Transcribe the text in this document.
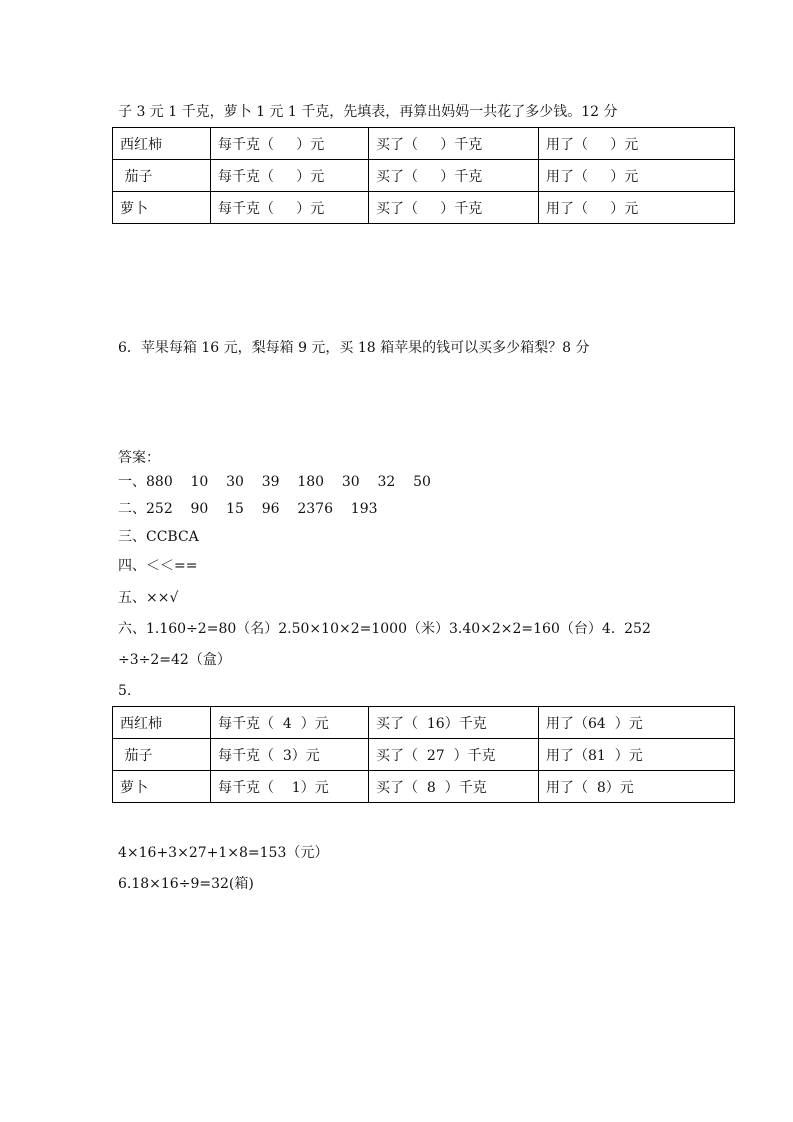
子 3 元 1 千克，萝卜 1 元 1 千克，先填表，再算出妈妈一共花了多少钱。12 分
西红柿	每千克（     ）元	买了（     ）千克	用了（     ）元
茄子	每千克（     ）元	买了（     ）千克	用了（     ）元
萝卜	每千克（     ）元	买了（     ）千克	用了（     ）元
6．苹果每箱 16 元，梨每箱 9 元，买 18 箱苹果的钱可以买多少箱梨？8 分
答案：
一、880    10    30    39    180    30    32    50
二、252    90    15    96    2376    193
三、CCBCA
四、＜＜==
五、××√
六、1.160÷2=80（名）2.50×10×2=1000（米）3.40×2×2=160（台）4.  252
÷3÷2=42（盒）
5.
西红柿	每千克（  4  ）元	买了（  16）千克	用了（64  ）元
茄子	每千克（  3）元	买了（  27  ）千克	用了（81  ）元
萝卜	每千克（    1）元	买了（  8  ）千克	用了（  8）元
4×16+3×27+1×8=153（元）
6.18×16÷9=32(箱)
